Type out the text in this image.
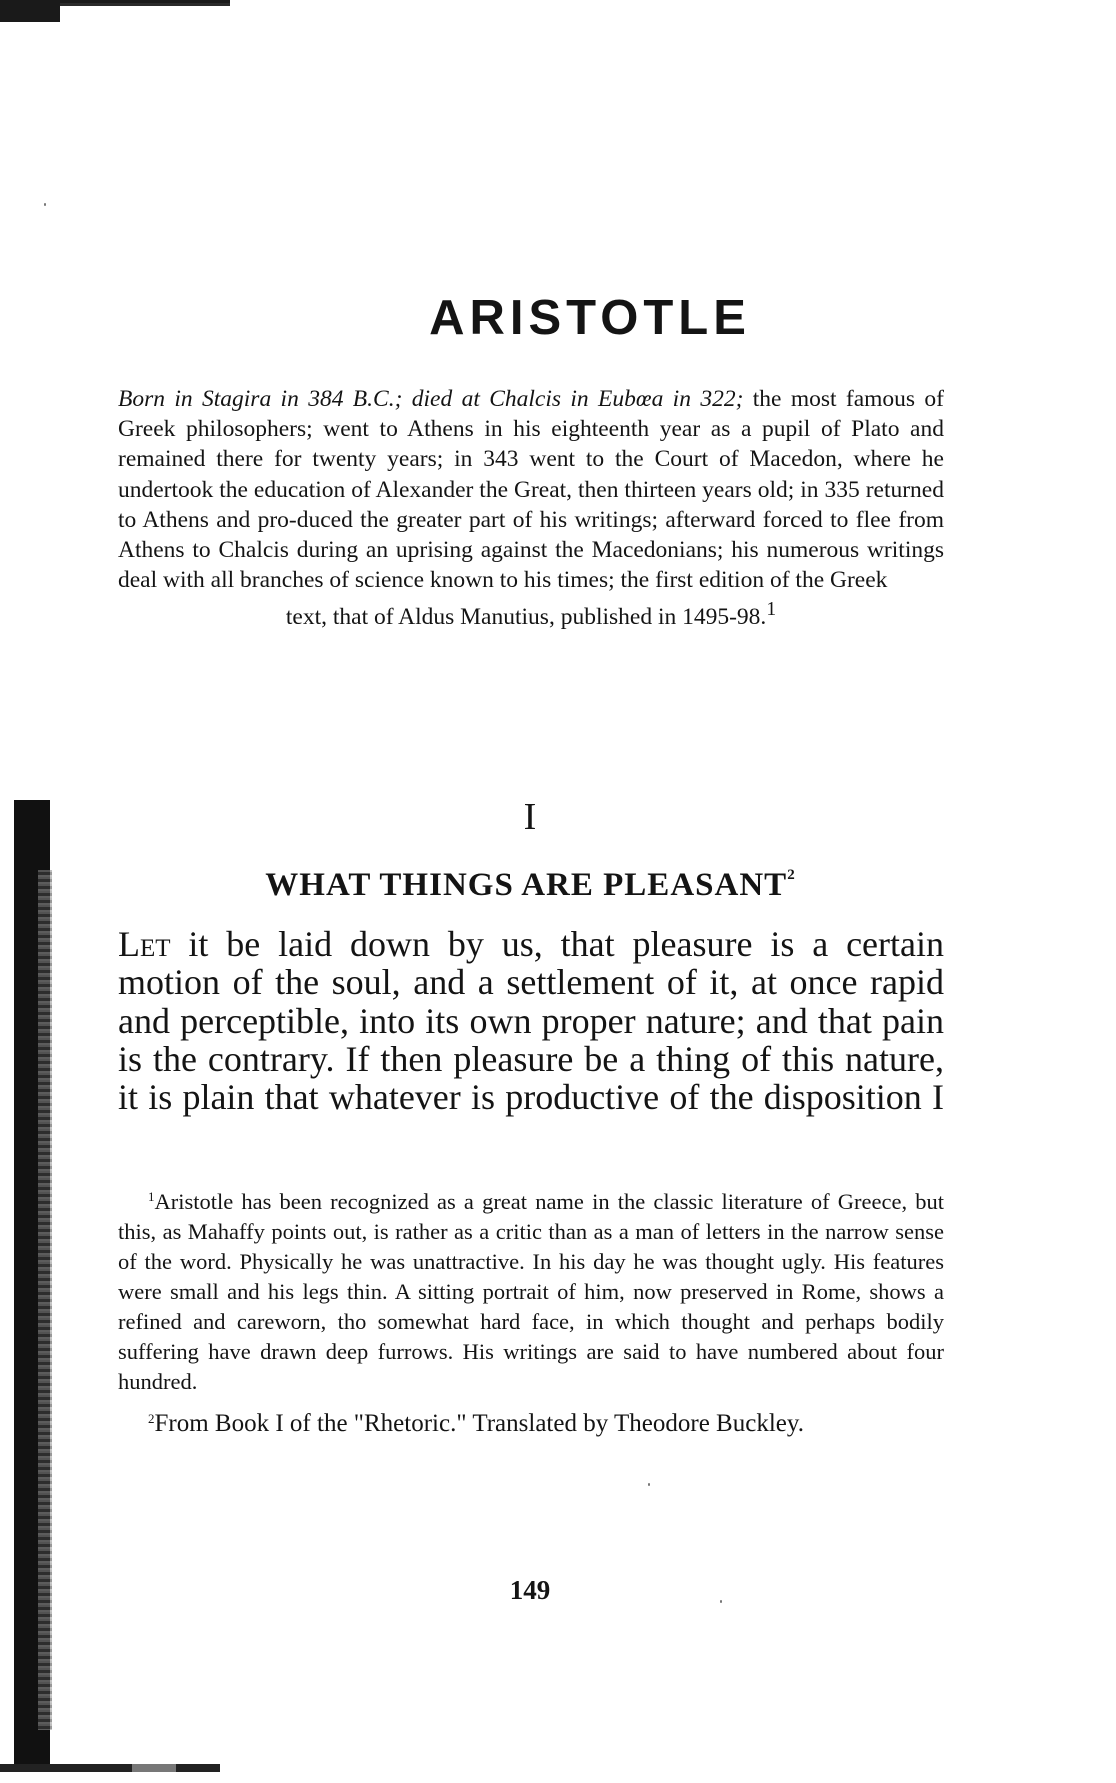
ARISTOTLE

Born in Stagira in 384 B.C.; died at Chalcis in Eubœa in 322; the most famous of Greek philosophers; went to Athens in his eighteenth year as a pupil of Plato and remained there for twenty years; in 343 went to the Court of Macedon, where he undertook the education of Alexander the Great, then thirteen years old; in 335 returned to Athens and pro-duced the greater part of his writings; afterward forced to flee from Athens to Chalcis during an uprising against the Macedonians; his numerous writings deal with all branches of science known to his times; the first edition of the Greek
text, that of Aldus Manutius, published in 1495-98.$^1$

I
WHAT THINGS ARE PLEASANT$^2$

Let it be laid down by us, that pleasure is a certain motion of the soul, and a settlement of it, at once rapid and perceptible, into its own proper nature; and that pain is the contrary. If then pleasure be a thing of this nature, it is plain that whatever is productive of the disposition I

$^1$Aristotle has been recognized as a great name in the classic literature of Greece, but this, as Mahaffy points out, is rather as a critic than as a man of letters in the narrow sense of the word. Physically he was unattractive. In his day he was thought ugly. His features were small and his legs thin. A sitting portrait of him, now preserved in Rome, shows a refined and careworn, tho somewhat hard face, in which thought and perhaps bodily suffering have drawn deep furrows. His writings are said to have numbered about four hundred.

$^2$From Book I of the "Rhetoric." Translated by Theodore Buckley.

149
